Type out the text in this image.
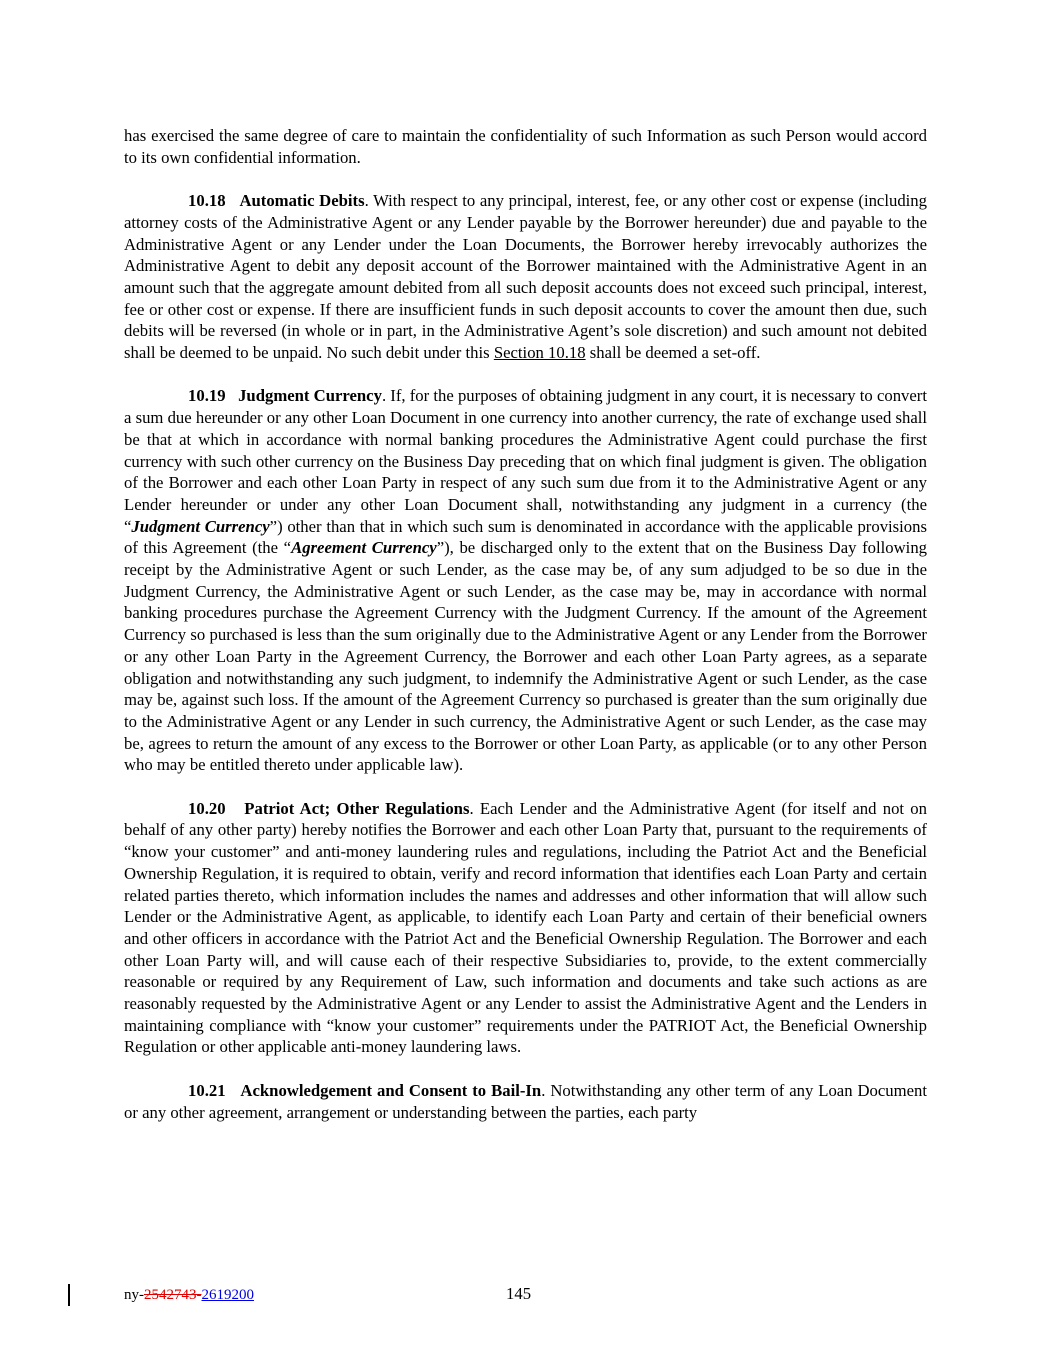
has exercised the same degree of care to maintain the confidentiality of such Information as such Person would accord to its own confidential information.

10.18 Automatic Debits. With respect to any principal, interest, fee, or any other cost or expense (including attorney costs of the Administrative Agent or any Lender payable by the Borrower hereunder) due and payable to the Administrative Agent or any Lender under the Loan Documents, the Borrower hereby irrevocably authorizes the Administrative Agent to debit any deposit account of the Borrower maintained with the Administrative Agent in an amount such that the aggregate amount debited from all such deposit accounts does not exceed such principal, interest, fee or other cost or expense. If there are insufficient funds in such deposit accounts to cover the amount then due, such debits will be reversed (in whole or in part, in the Administrative Agent’s sole discretion) and such amount not debited shall be deemed to be unpaid. No such debit under this Section 10.18 shall be deemed a set-off.

10.19 Judgment Currency. If, for the purposes of obtaining judgment in any court, it is necessary to convert a sum due hereunder or any other Loan Document in one currency into another currency, the rate of exchange used shall be that at which in accordance with normal banking procedures the Administrative Agent could purchase the first currency with such other currency on the Business Day preceding that on which final judgment is given. The obligation of the Borrower and each other Loan Party in respect of any such sum due from it to the Administrative Agent or any Lender hereunder or under any other Loan Document shall, notwithstanding any judgment in a currency (the “Judgment Currency”) other than that in which such sum is denominated in accordance with the applicable provisions of this Agreement (the “Agreement Currency”), be discharged only to the extent that on the Business Day following receipt by the Administrative Agent or such Lender, as the case may be, of any sum adjudged to be so due in the Judgment Currency, the Administrative Agent or such Lender, as the case may be, may in accordance with normal banking procedures purchase the Agreement Currency with the Judgment Currency. If the amount of the Agreement Currency so purchased is less than the sum originally due to the Administrative Agent or any Lender from the Borrower or any other Loan Party in the Agreement Currency, the Borrower and each other Loan Party agrees, as a separate obligation and notwithstanding any such judgment, to indemnify the Administrative Agent or such Lender, as the case may be, against such loss. If the amount of the Agreement Currency so purchased is greater than the sum originally due to the Administrative Agent or any Lender in such currency, the Administrative Agent or such Lender, as the case may be, agrees to return the amount of any excess to the Borrower or other Loan Party, as applicable (or to any other Person who may be entitled thereto under applicable law).

10.20 Patriot Act; Other Regulations. Each Lender and the Administrative Agent (for itself and not on behalf of any other party) hereby notifies the Borrower and each other Loan Party that, pursuant to the requirements of “know your customer” and anti-money laundering rules and regulations, including the Patriot Act and the Beneficial Ownership Regulation, it is required to obtain, verify and record information that identifies each Loan Party and certain related parties thereto, which information includes the names and addresses and other information that will allow such Lender or the Administrative Agent, as applicable, to identify each Loan Party and certain of their beneficial owners and other officers in accordance with the Patriot Act and the Beneficial Ownership Regulation. The Borrower and each other Loan Party will, and will cause each of their respective Subsidiaries to, provide, to the extent commercially reasonable or required by any Requirement of Law, such information and documents and take such actions as are reasonably requested by the Administrative Agent or any Lender to assist the Administrative Agent and the Lenders in maintaining compliance with “know your customer” requirements under the PATRIOT Act, the Beneficial Ownership Regulation or other applicable anti-money laundering laws.

10.21 Acknowledgement and Consent to Bail-In. Notwithstanding any other term of any Loan Document or any other agreement, arrangement or understanding between the parties, each party

ny-2542743-2619200	145
